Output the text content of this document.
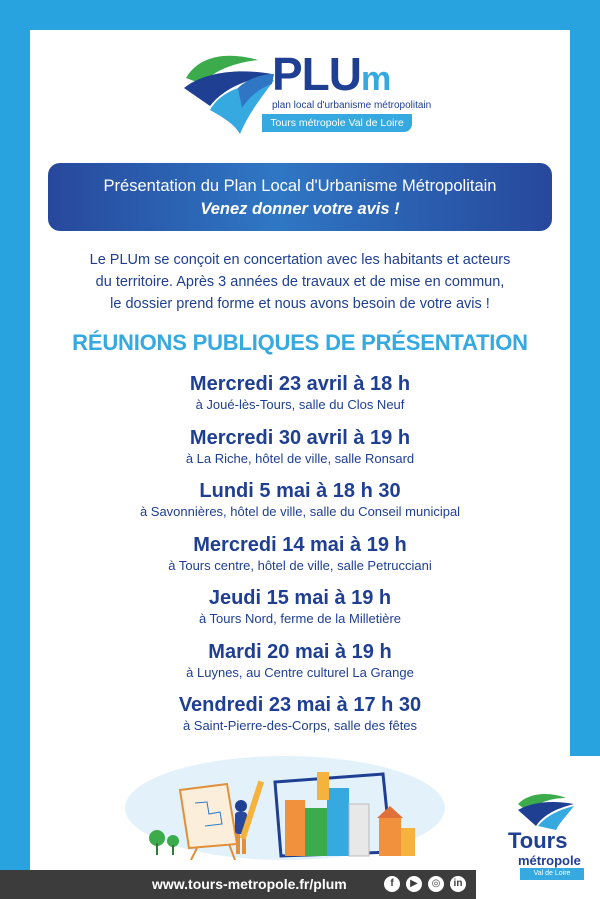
PLUm
plan local d'urbanisme métropolitain
Tours métropole Val de Loire
Présentation du Plan Local d'Urbanisme Métropolitain
Venez donner votre avis !
Le PLUm se conçoit en concertation avec les habitants et acteurs
du territoire. Après 3 années de travaux et de mise en commun,
le dossier prend forme et nous avons besoin de votre avis !
RÉUNIONS PUBLIQUES DE PRÉSENTATION
Mercredi 23 avril à 18 h
à Joué-lès-Tours, salle du Clos Neuf
Mercredi 30 avril à 19 h
à La Riche, hôtel de ville, salle Ronsard
Lundi 5 mai à 18 h 30
à Savonnières, hôtel de ville, salle du Conseil municipal
Mercredi 14 mai à 19 h
à Tours centre, hôtel de ville, salle Petrucciani
Jeudi 15 mai à 19 h
à Tours Nord, ferme de la Milletière
Mardi 20 mai à 19 h
à Luynes, au Centre culturel La Grange
Vendredi 23 mai à 17 h 30
à Saint-Pierre-des-Corps, salle des fêtes
www.tours-metropole.fr/plum	f	▶	◎	in
Tours
métropole
Val de Loire
